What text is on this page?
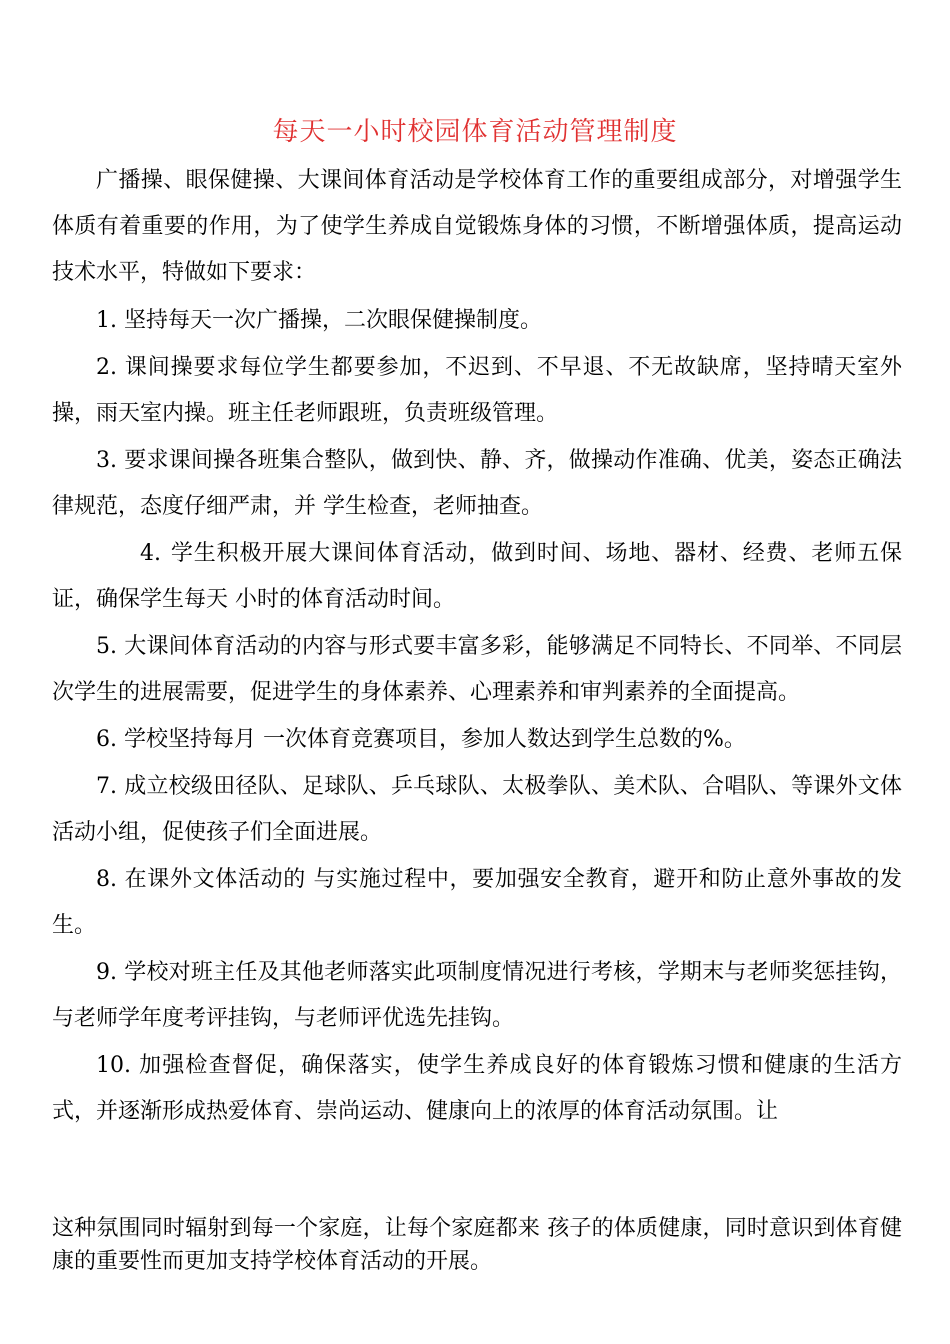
每天一小时校园体育活动管理制度

广播操、眼保健操、大课间体育活动是学校体育工作的重要组成部分，对增强学生体质有着重要的作用，为了使学生养成自觉锻炼身体的习惯，不断增强体质，提高运动技术水平，特做如下要求：

1. 坚持每天一次广播操，二次眼保健操制度。

2. 课间操要求每位学生都要参加，不迟到、不早退、不无故缺席，坚持晴天室外操，雨天室内操。班主任老师跟班，负责班级管理。

3. 要求课间操各班集合整队，做到快、静、齐，做操动作准确、优美，姿态正确法律规范，态度仔细严肃，并 学生检查，老师抽查。

4. 学生积极开展大课间体育活动，做到时间、场地、器材、经费、老师五保证，确保学生每天 小时的体育活动时间。

5. 大课间体育活动的内容与形式要丰富多彩，能够满足不同特长、不同举、不同层次学生的进展需要，促进学生的身体素养、心理素养和审判素养的全面提高。

6. 学校坚持每月 一次体育竞赛项目，参加人数达到学生总数的%。

7. 成立校级田径队、足球队、乒乓球队、太极拳队、美术队、合唱队、等课外文体活动小组，促使孩子们全面进展。

8. 在课外文体活动的 与实施过程中，要加强安全教育，避开和防止意外事故的发生。

9. 学校对班主任及其他老师落实此项制度情况进行考核，学期末与老师奖惩挂钩，与老师学年度考评挂钩，与老师评优选先挂钩。

10. 加强检查督促，确保落实，使学生养成良好的体育锻炼习惯和健康的生活方式，并逐渐形成热爱体育、崇尚运动、健康向上的浓厚的体育活动氛围。让

这种氛围同时辐射到每一个家庭，让每个家庭都来 孩子的体质健康，同时意识到体育健康的重要性而更加支持学校体育活动的开展。
